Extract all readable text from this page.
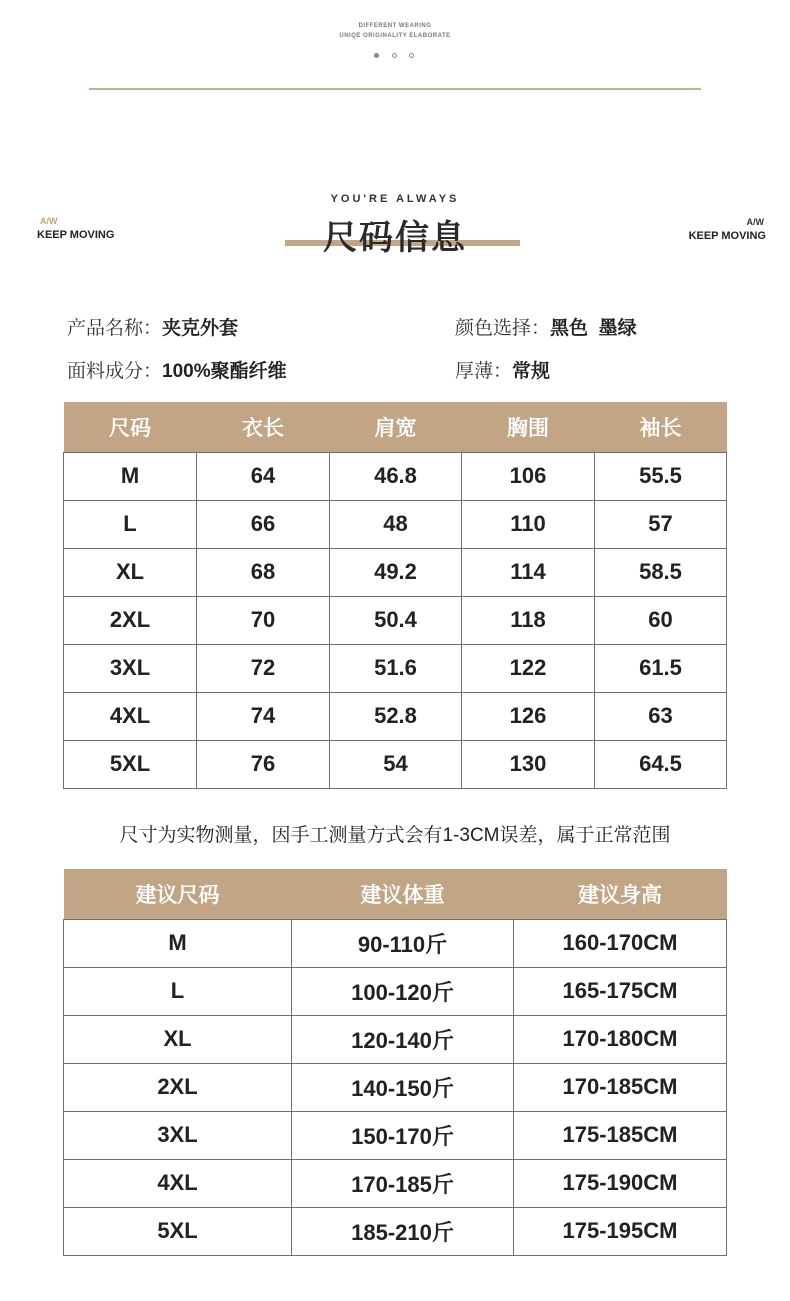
DIFFERENT WEARING
UNIQE ORIGINALITY ELABORATE
A/W
KEEP MOVING
A/W
KEEP MOVING
YOU'RE ALWAYS
尺码信息
产品名称：夹克外套	颜色选择：黑色  墨绿
面料成分：100%聚酯纤维	厚薄：常规
尺码	衣长	肩宽	胸围	袖长
M	64	46.8	106	55.5
L	66	48	110	57
XL	68	49.2	114	58.5
2XL	70	50.4	118	60
3XL	72	51.6	122	61.5
4XL	74	52.8	126	63
5XL	76	54	130	64.5
尺寸为实物测量，因手工测量方式会有1-3CM误差，属于正常范围
建议尺码	建议体重	建议身高
M	90-110斤	160-170CM
L	100-120斤	165-175CM
XL	120-140斤	170-180CM
2XL	140-150斤	170-185CM
3XL	150-170斤	175-185CM
4XL	170-185斤	175-190CM
5XL	185-210斤	175-195CM
